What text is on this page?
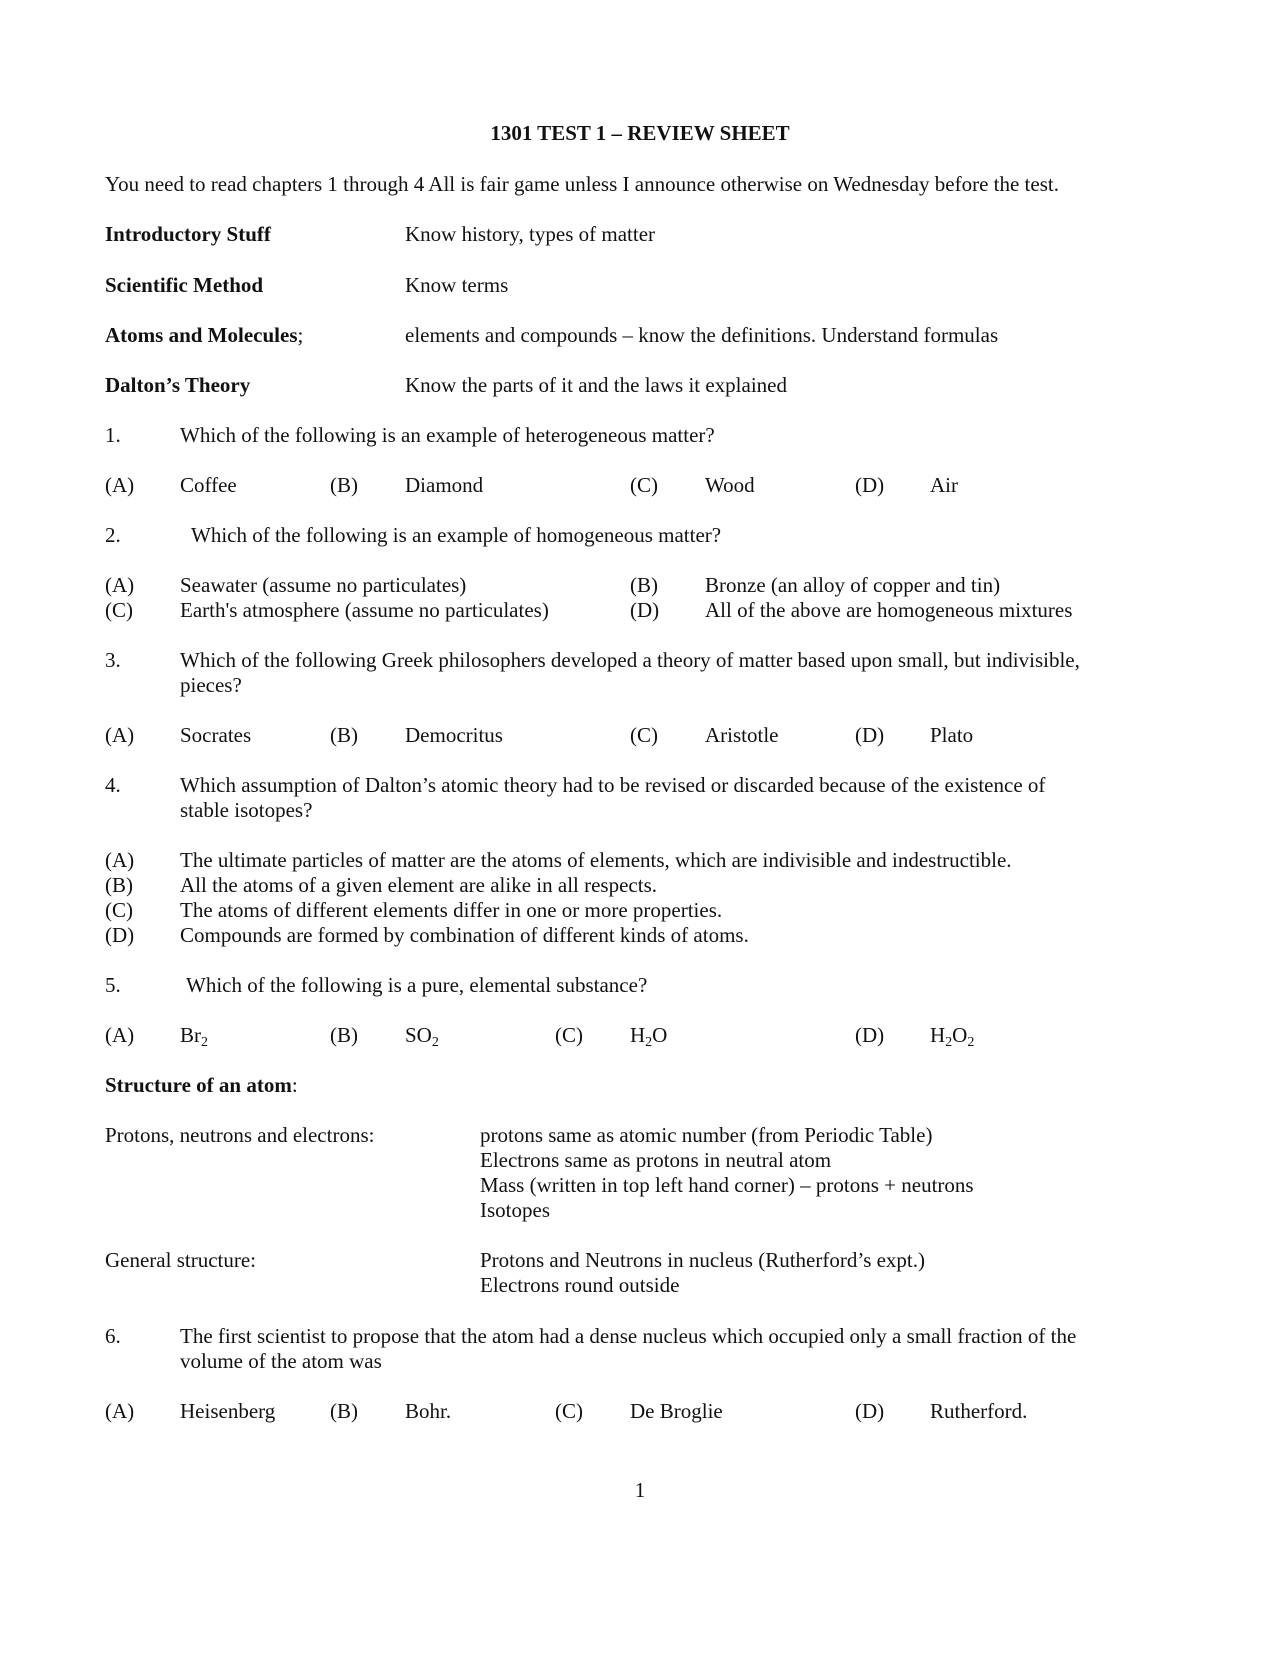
1301 TEST 1 – REVIEW SHEET
You need to read chapters 1 through 4 All is fair game unless I announce otherwise on Wednesday before the test.
Introductory Stuff	Know history, types of matter
Scientific Method	Know terms
Atoms and Molecules;	elements and compounds – know the definitions. Understand formulas
Dalton’s Theory	Know the parts of it and the laws it explained
1.	Which of the following is an example of heterogeneous matter?
(A) Coffee	(B) Diamond	(C) Wood	(D) Air
2.	Which of the following is an example of homogeneous matter?
(A) Seawater (assume no particulates)	(B) Bronze (an alloy of copper and tin)
(C) Earth's atmosphere (assume no particulates)	(D) All of the above are homogeneous mixtures
3.	Which of the following Greek philosophers developed a theory of matter based upon small, but indivisible,
pieces?
(A) Socrates	(B) Democritus	(C) Aristotle	(D) Plato
4.	Which assumption of Dalton’s atomic theory had to be revised or discarded because of the existence of
stable isotopes?
(A) The ultimate particles of matter are the atoms of elements, which are indivisible and indestructible.
(B) All the atoms of a given element are alike in all respects.
(C) The atoms of different elements differ in one or more properties.
(D) Compounds are formed by combination of different kinds of atoms.
5.	Which of the following is a pure, elemental substance?
(A) $Br_2$	(B) $SO_2$	(C) $H_2O$	(D) $H_2O_2$
Structure of an atom:
Protons, neutrons and electrons:	protons same as atomic number (from Periodic Table)
Electrons same as protons in neutral atom
Mass (written in top left hand corner) – protons + neutrons
Isotopes
General structure:	Protons and Neutrons in nucleus (Rutherford’s expt.)
Electrons round outside
6.	The first scientist to propose that the atom had a dense nucleus which occupied only a small fraction of the
volume of the atom was
(A) Heisenberg	(B) Bohr.	(C) De Broglie	(D) Rutherford.
1
